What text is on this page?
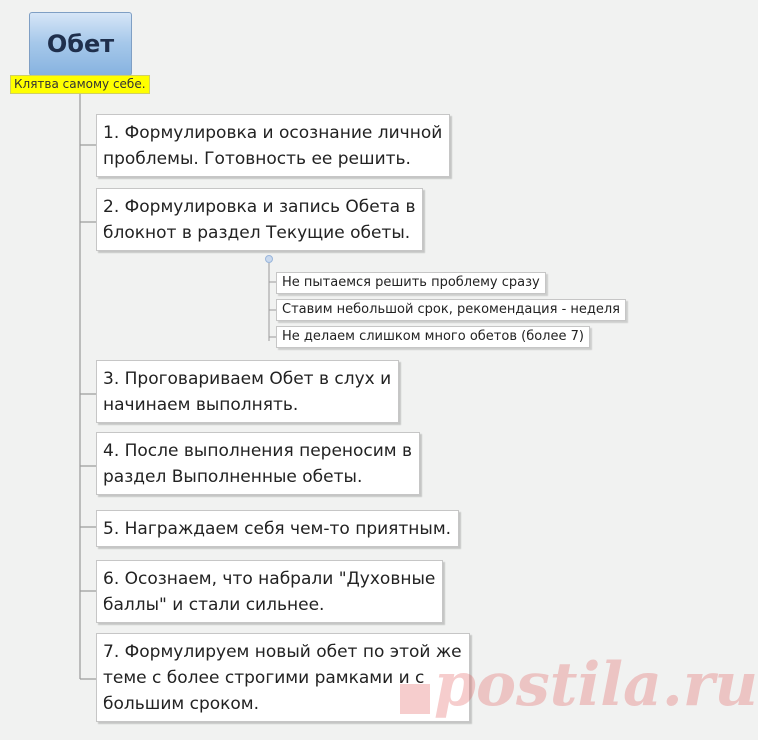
Обет
Клятва самому себе.
1. Формулировка и осознание личной
проблемы. Готовность ее решить.
2. Формулировка и запись Обета в
блокнот в раздел Текущие обеты.
Не пытаемся решить проблему сразу
Ставим небольшой срок, рекомендация - неделя
Не делаем слишком много обетов (более 7)
3. Проговариваем Обет в слух и
начинаем выполнять.
4. После выполнения переносим в
раздел Выполненные обеты.
5. Награждаем себя чем-то приятным.
6. Осознаем, что набрали "Духовные
баллы" и стали сильнее.
7. Формулируем новый обет по этой же
теме с более строгими рамками и с
большим сроком.	postila.ru
